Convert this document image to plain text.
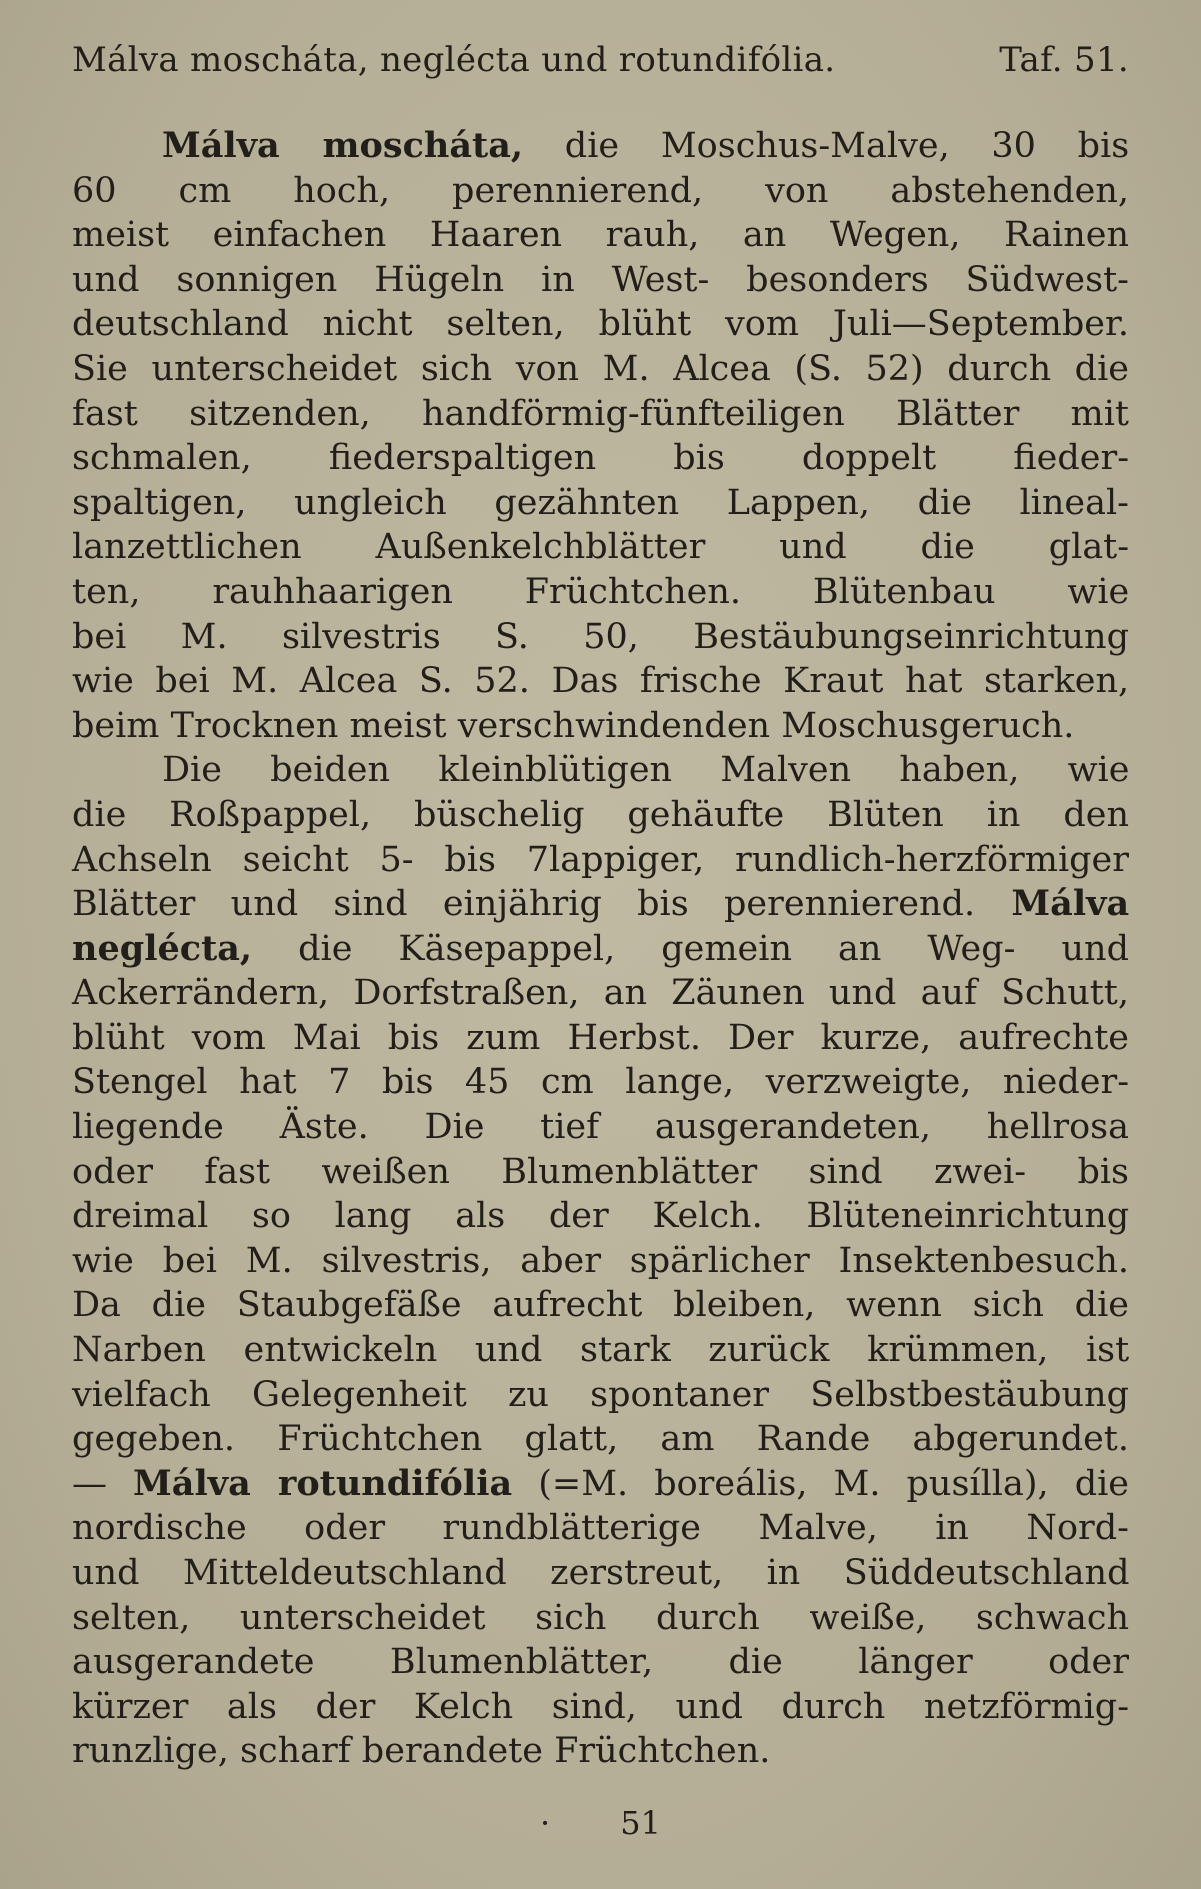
Málva moscháta, neglécta und rotundifólia.	Taf. 51.
Málva moscháta, die Moschus-Malve, 30 bis
60 cm hoch, perennierend, von abstehenden,
meist einfachen Haaren rauh, an Wegen, Rainen
und sonnigen Hügeln in West- besonders Südwest-
deutschland nicht selten, blüht vom Juli—September.
Sie unterscheidet sich von M. Alcea (S. 52) durch die
fast sitzenden, handförmig-fünfteiligen Blätter mit
schmalen, fiederspaltigen bis doppelt fieder-
spaltigen, ungleich gezähnten Lappen, die lineal-
lanzettlichen Außenkelchblätter und die glat-
ten, rauhhaarigen Früchtchen. Blütenbau wie
bei M. silvestris S. 50, Bestäubungseinrichtung
wie bei M. Alcea S. 52. Das frische Kraut hat starken,
beim Trocknen meist verschwindenden Moschusgeruch.
Die beiden kleinblütigen Malven haben, wie
die Roßpappel, büschelig gehäufte Blüten in den
Achseln seicht 5- bis 7lappiger, rundlich-herzförmiger
Blätter und sind einjährig bis perennierend. Málva
neglécta, die Käsepappel, gemein an Weg- und
Ackerrändern, Dorfstraßen, an Zäunen und auf Schutt,
blüht vom Mai bis zum Herbst. Der kurze, aufrechte
Stengel hat 7 bis 45 cm lange, verzweigte, nieder-
liegende Äste. Die tief ausgerandeten, hellrosa
oder fast weißen Blumenblätter sind zwei- bis
dreimal so lang als der Kelch. Blüteneinrichtung
wie bei M. silvestris, aber spärlicher Insektenbesuch.
Da die Staubgefäße aufrecht bleiben, wenn sich die
Narben entwickeln und stark zurück krümmen, ist
vielfach Gelegenheit zu spontaner Selbstbestäubung
gegeben. Früchtchen glatt, am Rande abgerundet.
— Málva rotundifólia (=M. boreális, M. pusílla), die
nordische oder rundblätterige Malve, in Nord-
und Mitteldeutschland zerstreut, in Süddeutschland
selten, unterscheidet sich durch weiße, schwach
ausgerandete Blumenblätter, die länger oder
kürzer als der Kelch sind, und durch netzförmig-
runzlige, scharf berandete Früchtchen.
· 51
